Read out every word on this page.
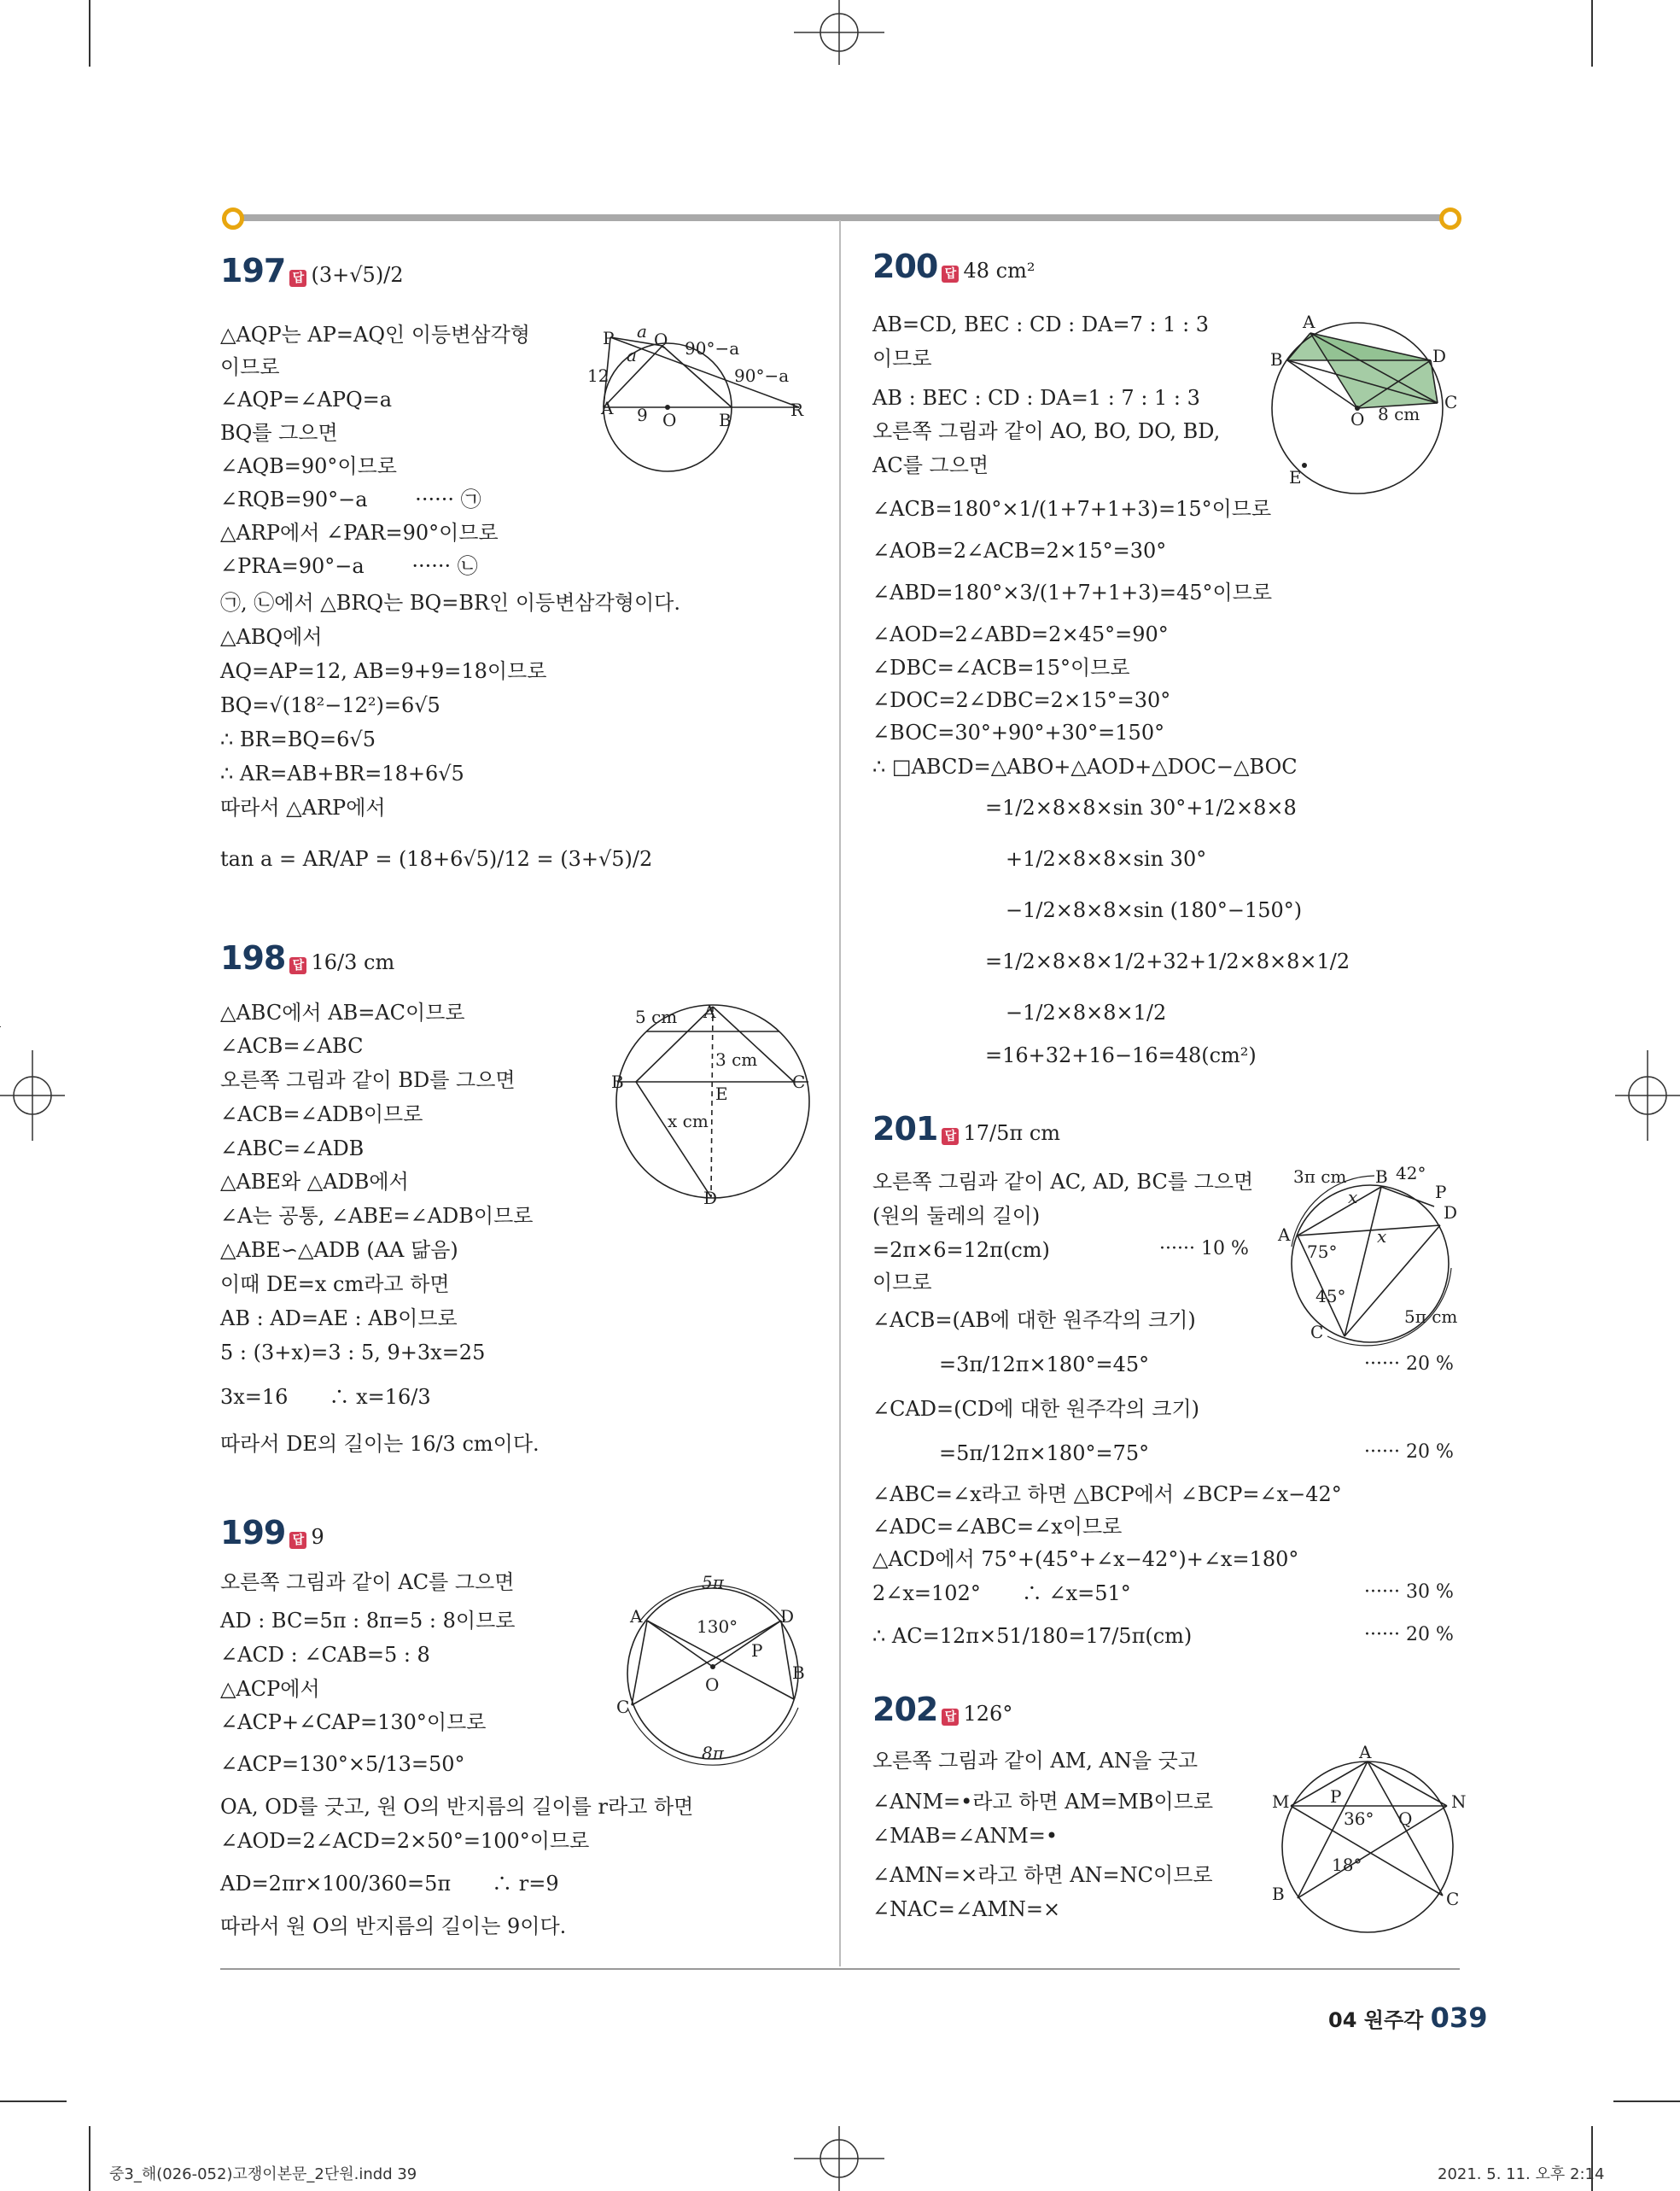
197 답 (3+√5)/2
△AQP는 AP=AQ인 이등변삼각형
이므로
∠AQP=∠APQ=a
BQ를 그으면
∠AQB=90°이므로
∠RQB=90°−a　　 ······ ㉠
△ARP에서 ∠PAR=90°이므로
∠PRA=90°−a　　 ······ ㉡
㉠, ㉡에서 △BRQ는 BQ=BR인 이등변삼각형이다.
△ABQ에서
AQ=AP=12, AB=9+9=18이므로
BQ=√(18²−12²)=6√5
∴ BR=BQ=6√5
∴ AR=AB+BR=18+6√5
따라서 △ARP에서
tan a = AR/AP = (18+6√5)/12 = (3+√5)/2
P a Q 90°−a
90°−a
12
a
A 9 O B	R
198 답 16/3 cm
△ABC에서 AB=AC이므로
∠ACB=∠ABC
오른쪽 그림과 같이 BD를 그으면
∠ACB=∠ADB이므로
∠ABC=∠ADB
△ABE와 △ADB에서
∠A는 공통, ∠ABE=∠ADB이므로
△ABE∽△ADB (AA 닮음)
이때 DE=x cm라고 하면
AB : AD=AE : AB이므로
5 : (3+x)=3 : 5, 9+3x=25
3x=16　　∴ x=16/3
따라서 DE의 길이는 16/3 cm이다.
5 cm A
3 cm
B
E
C
x cm
D
199 답 9
오른쪽 그림과 같이 AC를 그으면
AD : BC=5π : 8π=5 : 8이므로
∠ACD : ∠CAB=5 : 8
△ACP에서
∠ACP+∠CAP=130°이므로
∠ACP=130°×5/13=50°
OA, OD를 긋고, 원 O의 반지름의 길이를 r라고 하면
∠AOD=2∠ACD=2×50°=100°이므로
AD=2πr×100/360=5π　　∴ r=9
따라서 원 O의 반지름의 길이는 9이다.
5π
A	130° D
P
C
B
O
8π
200 답 48 cm²
AB=CD, BEC : CD : DA=7 : 1 : 3
이므로
AB : BEC : CD : DA=1 : 7 : 1 : 3
오른쪽 그림과 같이 AO, BO, DO, BD,
AC를 그으면
∠ACB=180°×1/(1+7+1+3)=15°이므로
∠AOB=2∠ACB=2×15°=30°
∠ABD=180°×3/(1+7+1+3)=45°이므로
∠AOD=2∠ABD=2×45°=90°
∠DBC=∠ACB=15°이므로
∠DOC=2∠DBC=2×15°=30°
∠BOC=30°+90°+30°=150°
∴ □ABCD=△ABO+△AOD+△DOC−△BOC
=1/2×8×8×sin 30°+1/2×8×8
+1/2×8×8×sin 30°
−1/2×8×8×sin (180°−150°)
=1/2×8×8×1/2+32+1/2×8×8×1/2
−1/2×8×8×1/2
=16+32+16−16=48(cm²)
A
B	D
C
O 8 cm
E
201 답 17/5π cm
오른쪽 그림과 같이 AC, AD, BC를 그으면
(원의 둘레의 길이)
=2π×6=12π(cm)
이므로
∠ACB=(AB에 대한 원주각의 크기)
=3π/12π×180°=45°
∠CAD=(CD에 대한 원주각의 크기)
=5π/12π×180°=75°
∠ABC=∠x라고 하면 △BCP에서 ∠BCP=∠x−42°
∠ADC=∠ABC=∠x이므로
△ACD에서 75°+(45°+∠x−42°)+∠x=180°
2∠x=102°　　∴ ∠x=51°
∴ AC=12π×51/180=17/5π(cm)
······ 10 %
······ 20 %
······ 20 %
······ 30 %
······ 20 %
3π cm B 42°
P
A
x
D
75°
x
45°
5π cm
C
202 답 126°
오른쪽 그림과 같이 AM, AN을 긋고
∠ANM=•라고 하면 AM=MB이므로
∠MAB=∠ANM=•
∠AMN=×라고 하면 AN=NC이므로
∠NAC=∠AMN=×
A
M P	N
36° Q
18°
B	C
04 원주각 039
중3_해(026-052)고쟁이본문_2단원.indd 39	2021. 5. 11. 오후 2:14
